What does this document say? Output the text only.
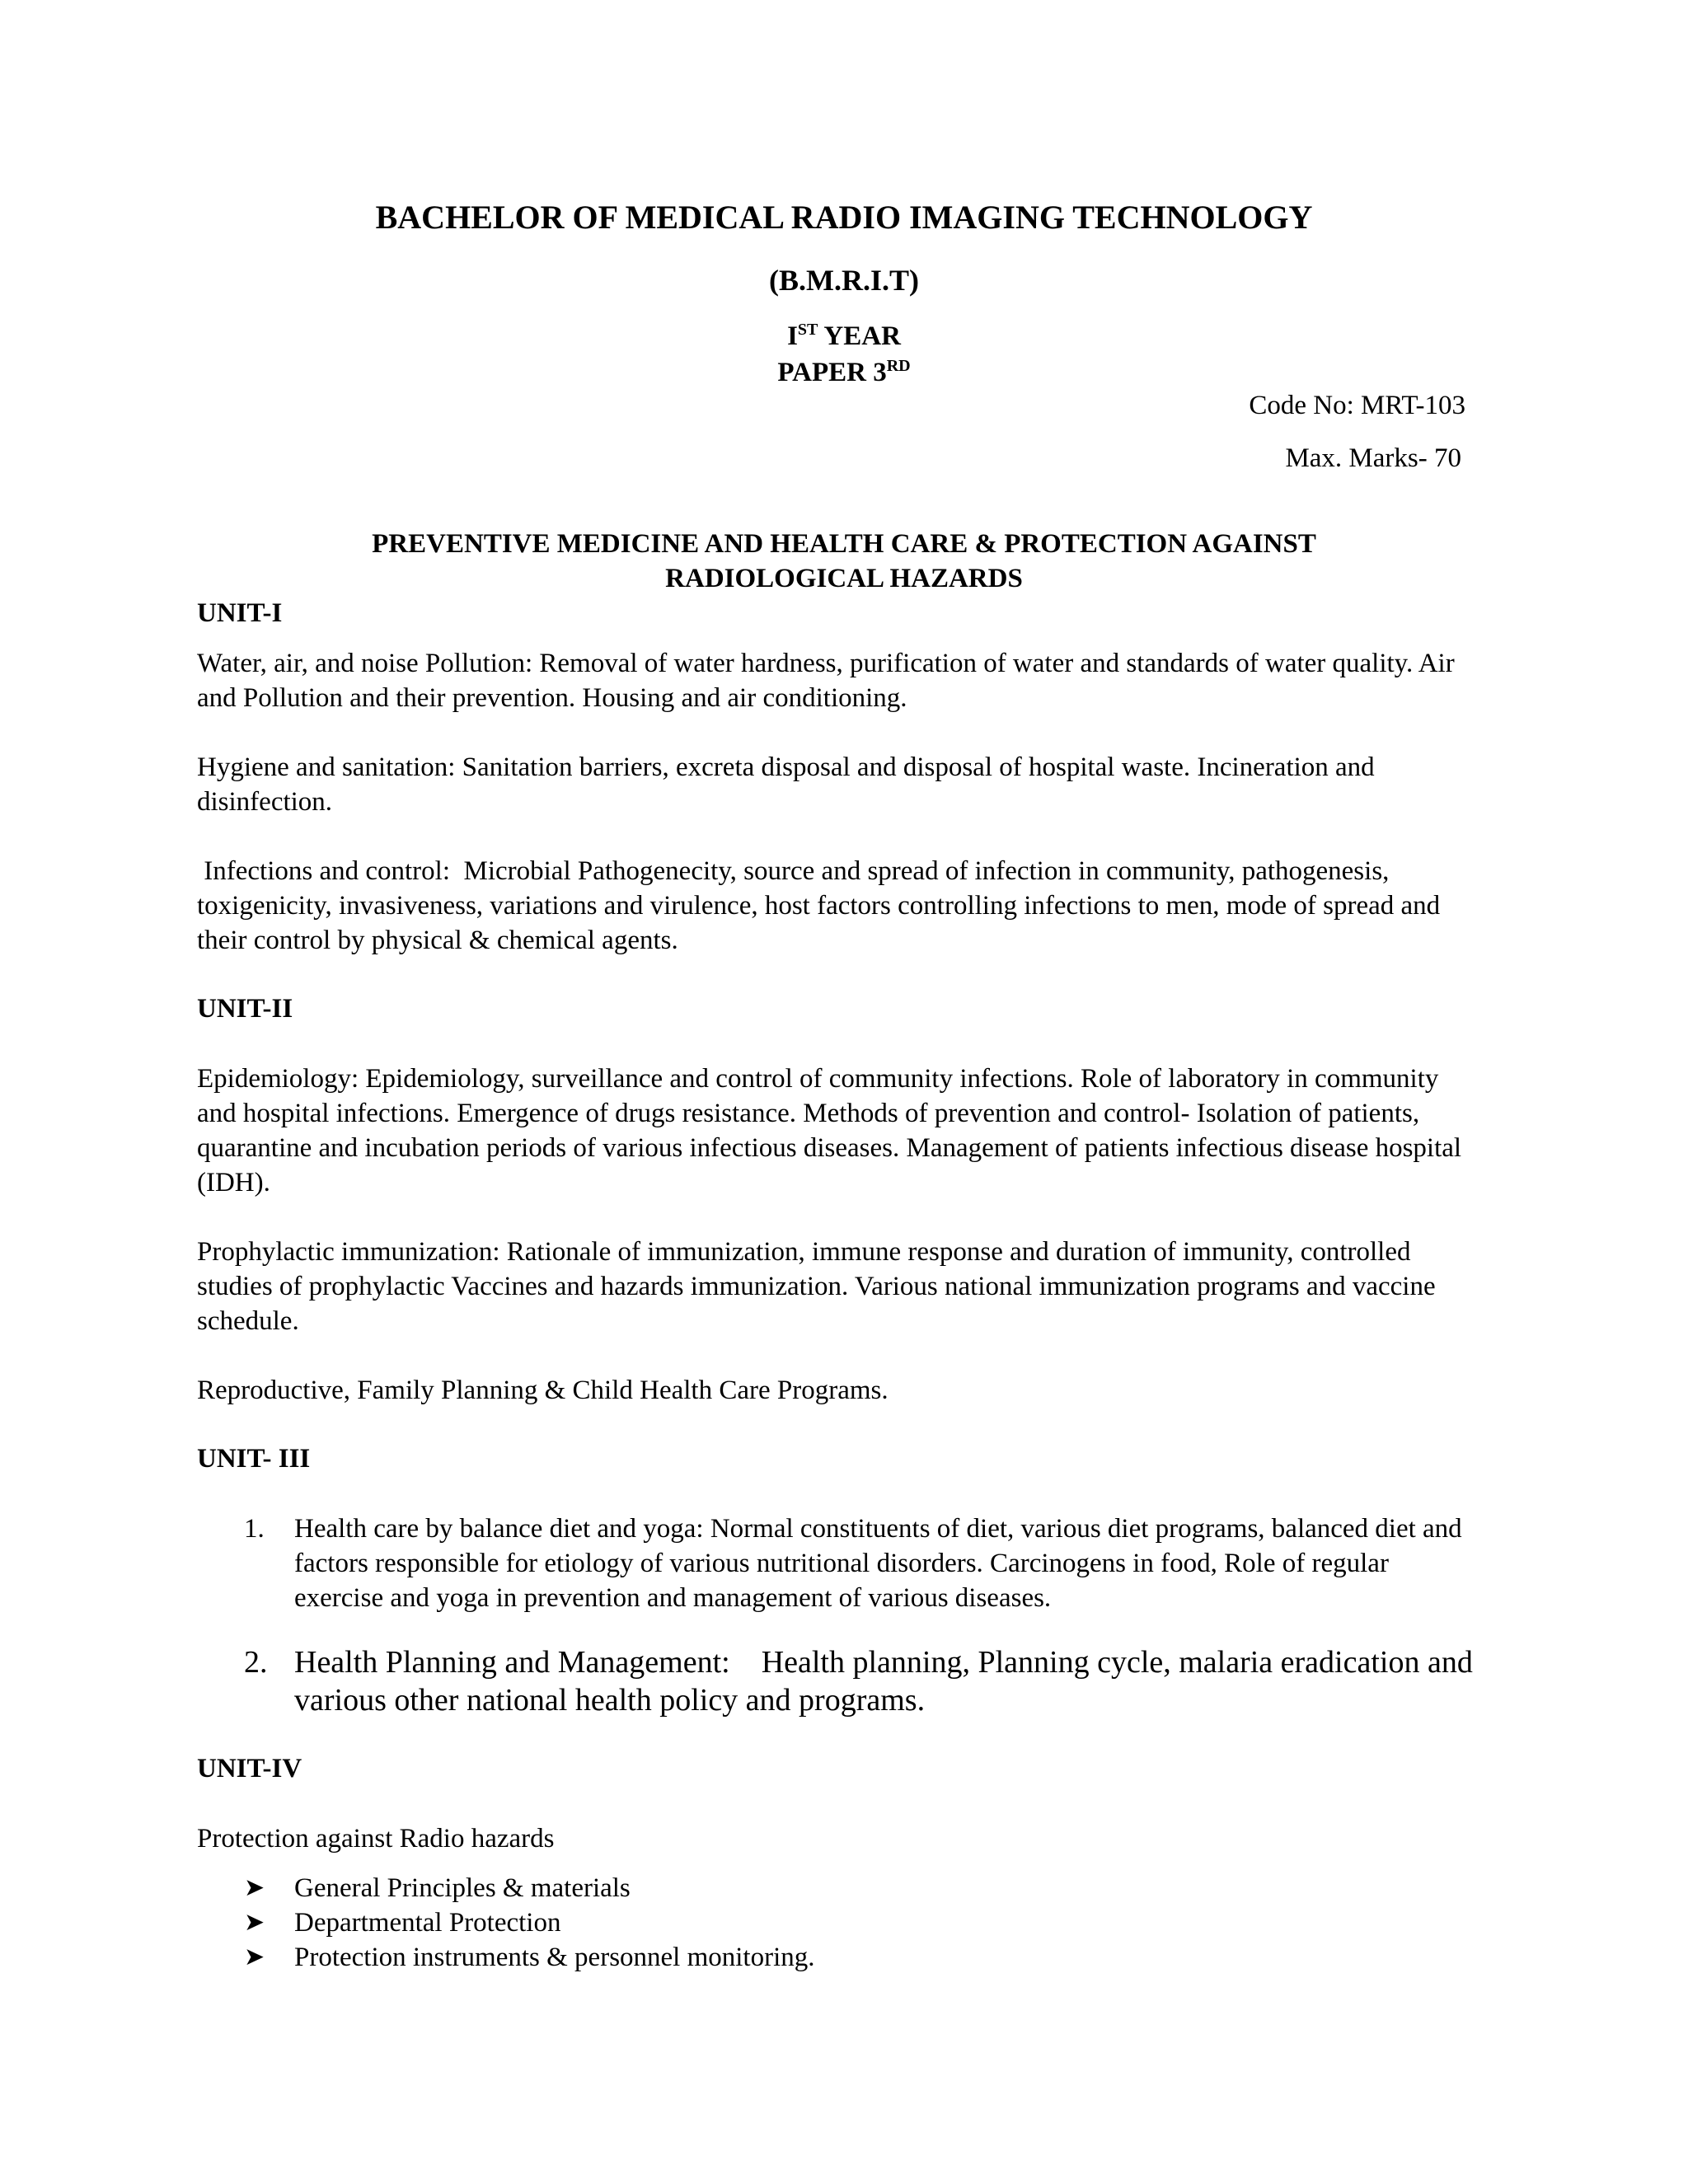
BACHELOR OF MEDICAL RADIO IMAGING TECHNOLOGY
(B.M.R.I.T)
IST YEAR
PAPER 3RD
Code No: MRT-103
Max. Marks- 70
PREVENTIVE MEDICINE AND HEALTH CARE & PROTECTION AGAINST
RADIOLOGICAL HAZARDS
UNIT-I

Water, air, and noise Pollution: Removal of water hardness, purification of water and standards of water quality. Air and Pollution and their prevention. Housing and air conditioning.

Hygiene and sanitation: Sanitation barriers, excreta disposal and disposal of hospital waste. Incineration and disinfection.

Infections and control:  Microbial Pathogenecity, source and spread of infection in community, pathogenesis, toxigenicity, invasiveness, variations and virulence, host factors controlling infections to men, mode of spread and their control by physical & chemical agents.

UNIT-II

Epidemiology: Epidemiology, surveillance and control of community infections. Role of laboratory in community and hospital infections. Emergence of drugs resistance. Methods of prevention and control- Isolation of patients, quarantine and incubation periods of various infectious diseases. Management of patients infectious disease hospital (IDH).

Prophylactic immunization: Rationale of immunization, immune response and duration of immunity, controlled studies of prophylactic Vaccines and hazards immunization. Various national immunization programs and vaccine schedule.

Reproductive, Family Planning & Child Health Care Programs.

UNIT- III
1.	Health care by balance diet and yoga: Normal constituents of diet, various diet programs, balanced diet and factors responsible for etiology of various nutritional disorders. Carcinogens in food, Role of regular exercise and yoga in prevention and management of various diseases.

2. Health Planning and Management:    Health planning, Planning cycle, malaria eradication and various other national health policy and programs.

UNIT-IV

Protection against Radio hazards

➤ General Principles & materials
➤ Departmental Protection
➤ Protection instruments & personnel monitoring.
